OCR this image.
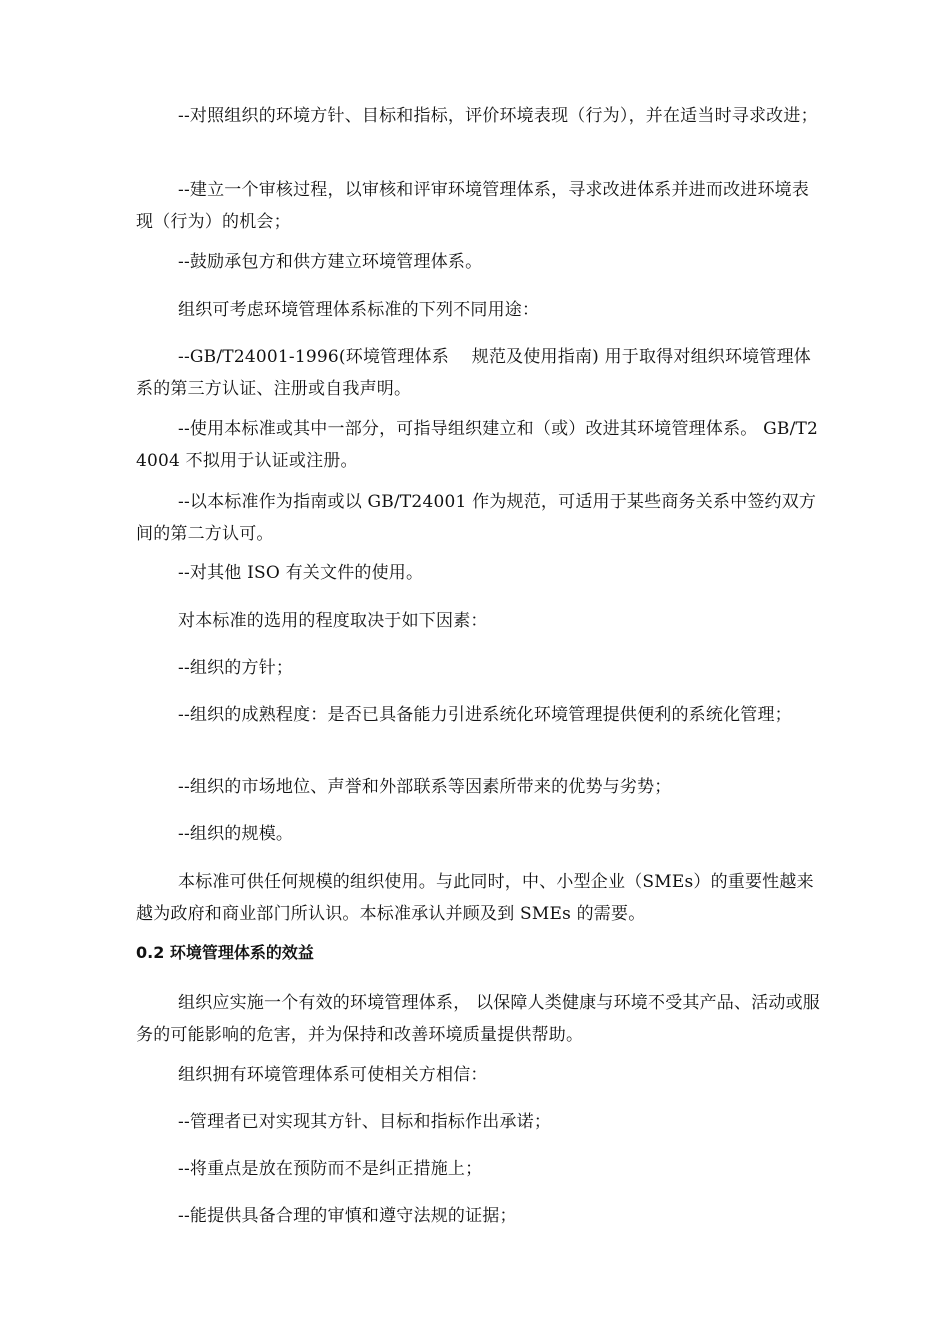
--对照组织的环境方针、目标和指标，评价环境表现（行为），并在适当时寻求改进；

--建立一个审核过程，以审核和评审环境管理体系，寻求改进体系并进而改进环境表现（行为）的机会；

--鼓励承包方和供方建立环境管理体系。

组织可考虑环境管理体系标准的下列不同用途：

--GB/T24001-1996(环境管理体系　 规范及使用指南) 用于取得对组织环境管理体系的第三方认证、注册或自我声明。

--使用本标准或其中一部分，可指导组织建立和（或）改进其环境管理体系。 GB/T24004 不拟用于认证或注册。

--以本标准作为指南或以 GB/T24001 作为规范，可适用于某些商务关系中签约双方间的第二方认可。

--对其他 ISO 有关文件的使用。

对本标准的选用的程度取决于如下因素：

--组织的方针；

--组织的成熟程度：是否已具备能力引进系统化环境管理提供便利的系统化管理；

--组织的市场地位、声誉和外部联系等因素所带来的优势与劣势；

--组织的规模。

本标准可供任何规模的组织使用。与此同时，中、小型企业（SMEs）的重要性越来越为政府和商业部门所认识。本标准承认并顾及到 SMEs 的需要。

0.2 环境管理体系的效益

组织应实施一个有效的环境管理体系， 以保障人类健康与环境不受其产品、活动或服务的可能影响的危害，并为保持和改善环境质量提供帮助。

组织拥有环境管理体系可使相关方相信：

--管理者已对实现其方针、目标和指标作出承诺；

--将重点是放在预防而不是纠正措施上；

--能提供具备合理的审慎和遵守法规的证据；
